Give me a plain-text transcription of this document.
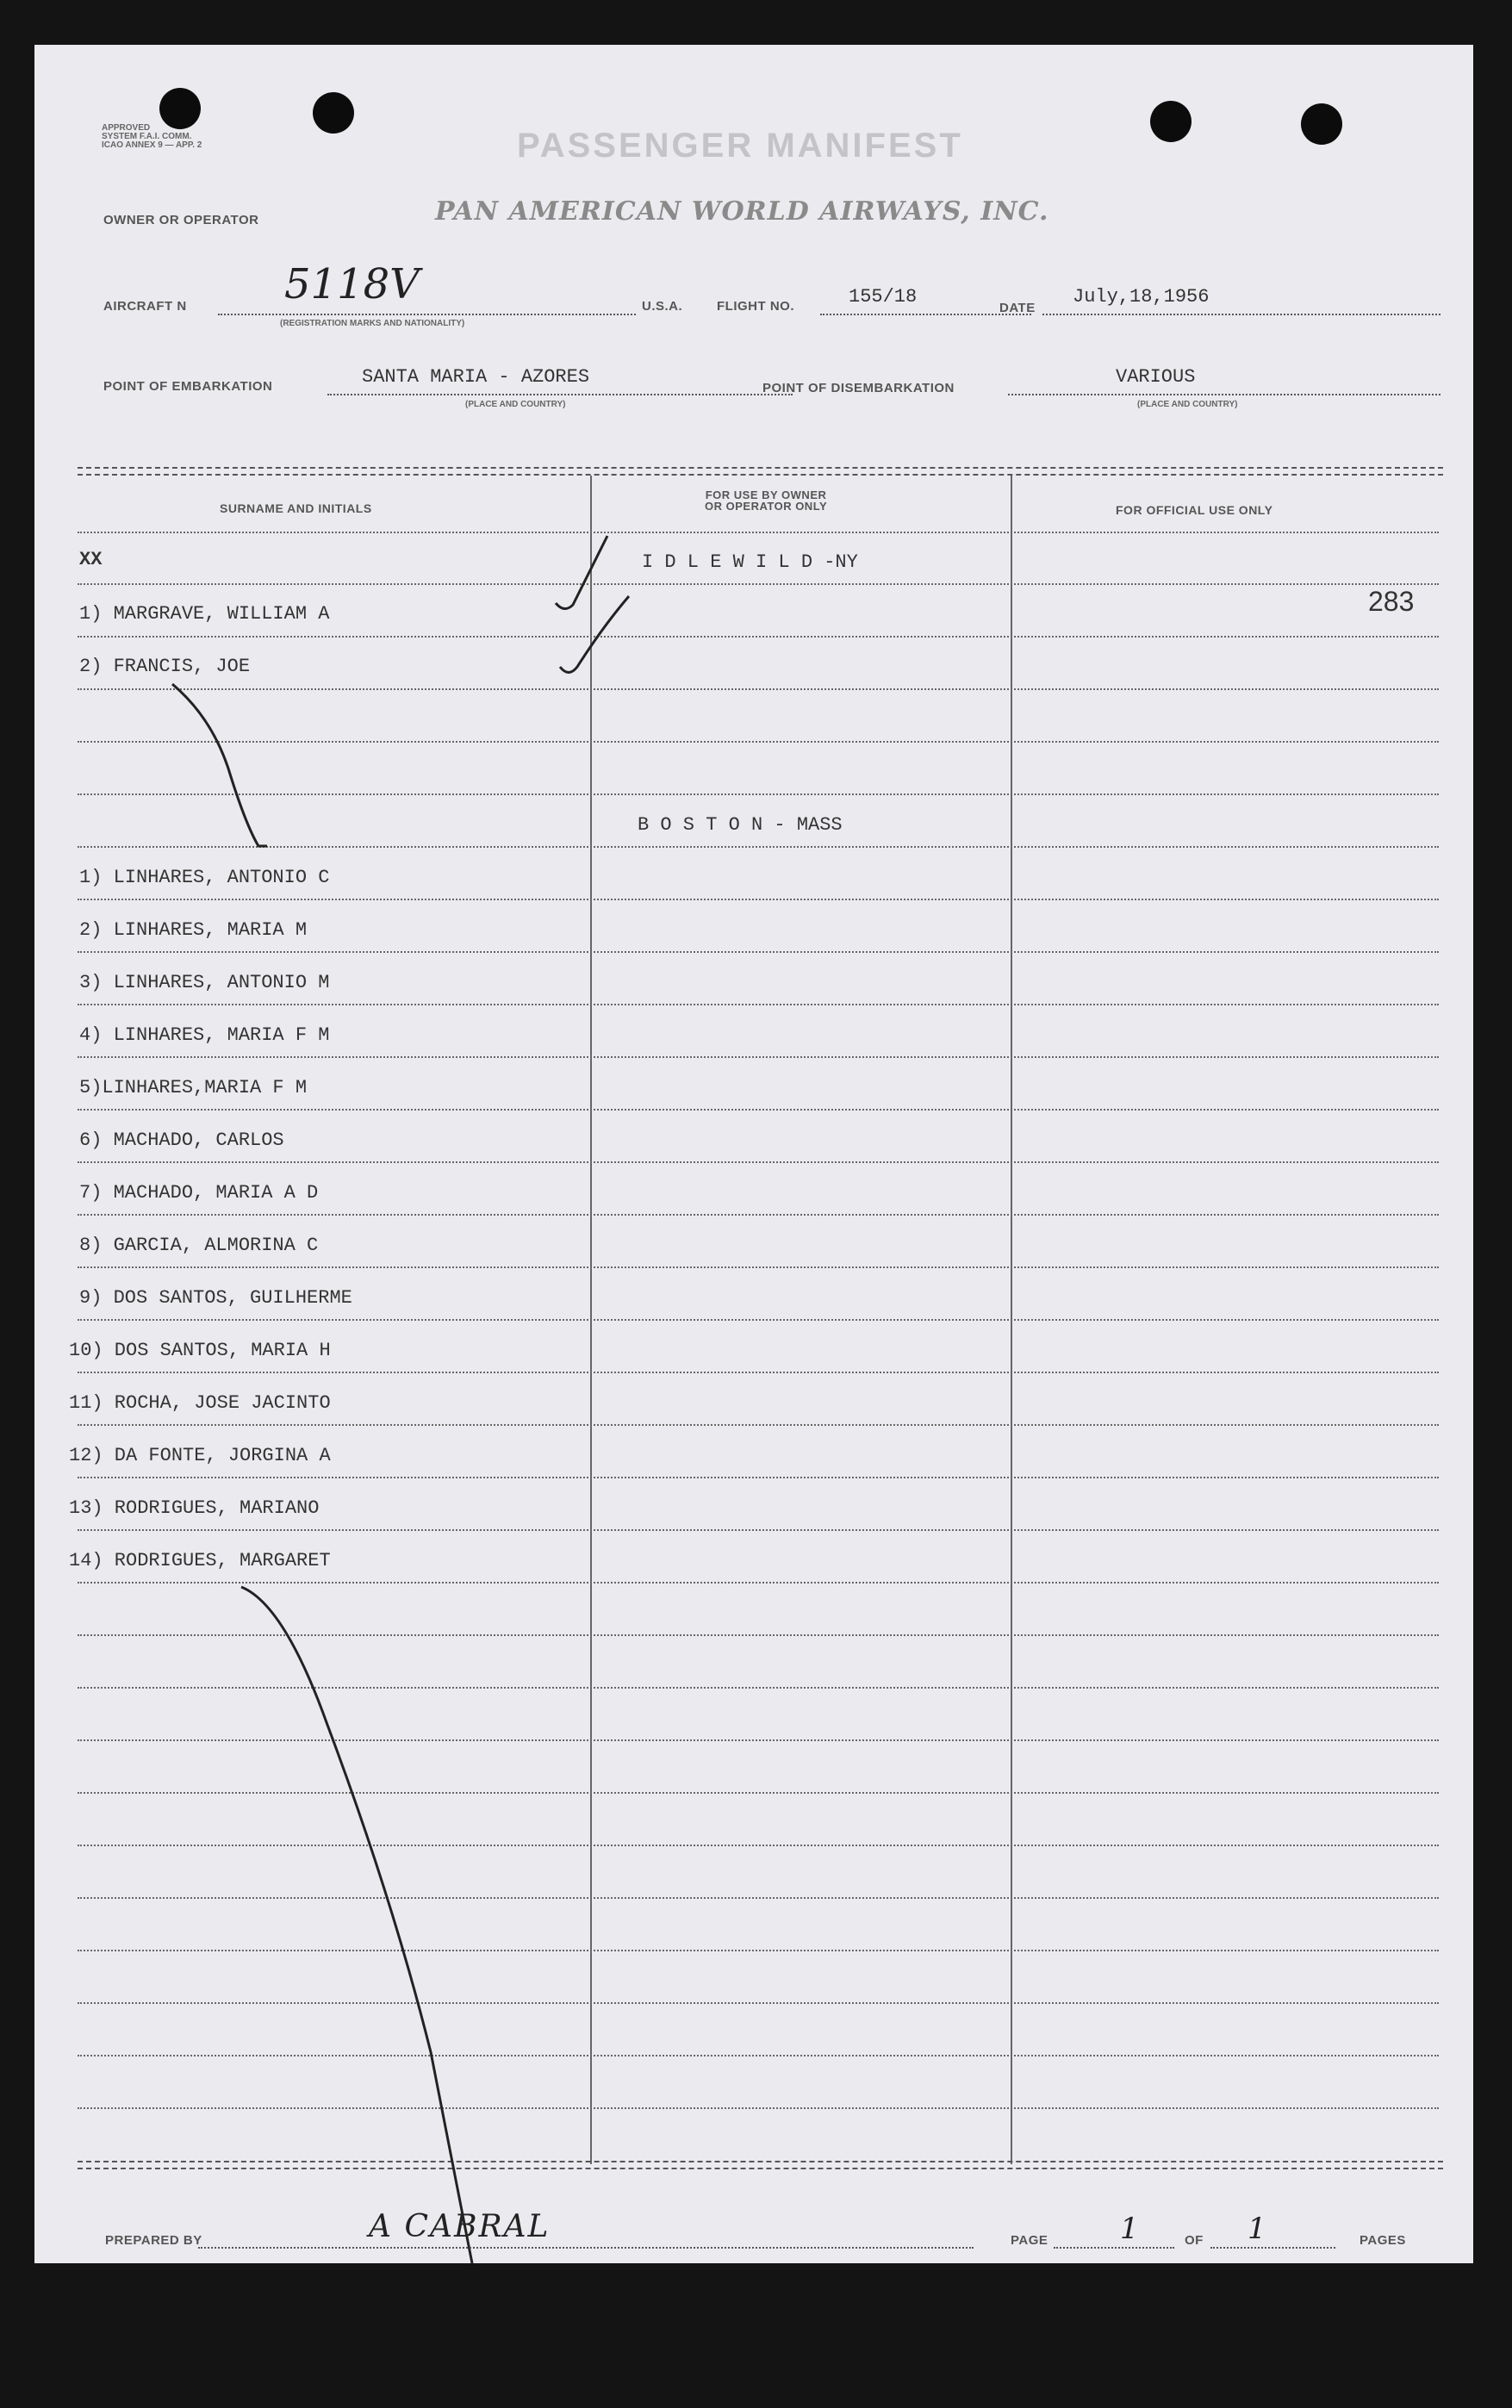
APPROVED
SYSTEM F.A.I. COMM.
ICAO ANNEX 9 — APP. 2	PASSENGER MANIFEST
OWNER OR OPERATOR	PAN AMERICAN WORLD AIRWAYS, INC.
AIRCRAFT N 5118V
(REGISTRATION MARKS AND NATIONALITY)
U.S.A.	FLIGHT NO.	155/18
DATE
July,18,1956
POINT OF EMBARKATION	SANTA MARIA - AZORES
(PLACE AND COUNTRY)
POINT OF DISEMBARKATION
VARIOUS
(PLACE AND COUNTRY)
SURNAME AND INITIALS
FOR USE BY OWNER
OR OPERATOR ONLY	FOR OFFICIAL USE ONLY
XX	I D L E W I L D -NY
283
1) MARGRAVE, WILLIAM A
2) FRANCIS, JOE
B O S T O N - MASS
1) LINHARES, ANTONIO C
2) LINHARES, MARIA M
3) LINHARES, ANTONIO M
4) LINHARES, MARIA F M
5)LINHARES,MARIA F M
6) MACHADO, CARLOS
7) MACHADO, MARIA A D
8) GARCIA, ALMORINA C
9) DOS SANTOS, GUILHERME
10) DOS SANTOS, MARIA H
11) ROCHA, JOSE JACINTO
12) DA FONTE, JORGINA A
13) RODRIGUES, MARIANO
14) RODRIGUES, MARGARET
PREPARED BY	A CABRAL	PAGE 1	OF 1	PAGES
